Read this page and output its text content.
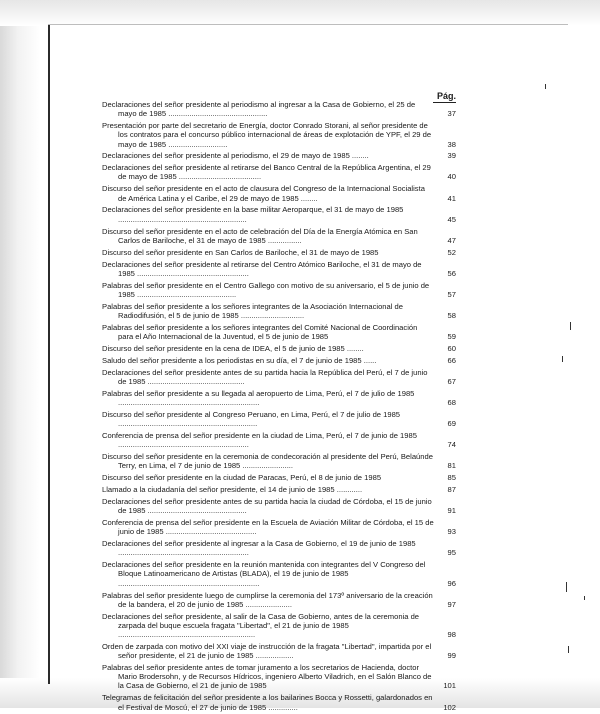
Pág.
Declaraciones del señor presidente al periodismo al ingresar a la Casa de Gobierno, el 25 de mayo de 1985 ...............................................	37
Presentación por parte del secretario de Energía, doctor Conrado Storani, al señor presidente de los contratos para el concurso público internacional de áreas de explotación de YPF, el 29 de mayo de 1985 ............................	38
Declaraciones del señor presidente al periodismo, el 29 de mayo de 1985 ........	39
Declaraciones del señor presidente al retirarse del Banco Central de la República Argentina, el 29 de mayo de 1985 .......................................	40
Discurso del señor presidente en el acto de clausura del Congreso de la Internacional Socialista de América Latina y el Caribe, el 29 de mayo de 1985 ........	41
Declaraciones del señor presidente en la base militar Aeroparque, el 31 de mayo de 1985 .............................................................	45
Discurso del señor presidente en el acto de celebración del Día de la Energía Atómica en San Carlos de Bariloche, el 31 de mayo de 1985 ................	47
Discurso del señor presidente en San Carlos de Bariloche, el 31 de mayo de 1985	52
Declaraciones del señor presidente al retirarse del Centro Atómico Bariloche, el 31 de mayo de 1985 .....................................................	56
Palabras del señor presidente en el Centro Gallego con motivo de su aniversario, el 5 de junio de 1985 ...............................................	57
Palabras del señor presidente a los señores integrantes de la Asociación Internacional de Radiodifusión, el 5 de junio de 1985 ..............................	58
Palabras del señor presidente a los señores integrantes del Comité Nacional de Coordinación para el Año Internacional de la Juventud, el 5 de junio de 1985	59
Discurso del señor presidente en la cena de IDEA, el 5 de junio de 1985 ........	60
Saludo del señor presidente a los periodistas en su día, el 7 de junio de 1985 ......	66
Declaraciones del señor presidente antes de su partida hacia la República del Perú, el 7 de junio de 1985 ..............................................	67
Palabras del señor presidente a su llegada al aeropuerto de Lima, Perú, el 7 de julio de 1985 ...................................................................	68
Discurso del señor presidente al Congreso Peruano, en Lima, Perú, el 7 de julio de 1985 ..................................................................	69
Conferencia de prensa del señor presidente en la ciudad de Lima, Perú, el 7 de junio de 1985 ..............................................................	74
Discurso del señor presidente en la ceremonia de condecoración al presidente del Perú, Belaúnde Terry, en Lima, el 7 de junio de 1985 ........................	81
Discurso del señor presidente en la ciudad de Paracas, Perú, el 8 de junio de 1985	85
Llamado a la ciudadanía del señor presidente, el 14 de junio de 1985 ............	87
Declaraciones del señor presidente antes de su partida hacia la ciudad de Córdoba, el 15 de junio de 1985 ...............................................	91
Conferencia de prensa del señor presidente en la Escuela de Aviación Militar de Córdoba, el 15 de junio de 1985 ...........................................	93
Declaraciones del señor presidente al ingresar a la Casa de Gobierno, el 19 de junio de 1985 ..............................................................	95
Declaraciones del señor presidente en la reunión mantenida con integrantes del V Congreso del Bloque Latinoamericano de Artistas (BLADA), el 19 de junio de 1985 ...................................................................	96
Palabras del señor presidente luego de cumplirse la ceremonia del 173º aniversario de la creación de la bandera, el 20 de junio de 1985 ......................	97
Declaraciones del señor presidente, al salir de la Casa de Gobierno, antes de la ceremonia de zarpada del buque escuela fragata "Libertad", el 21 de junio de 1985 .................................................................	98
Orden de zarpada con motivo del XXI viaje de instrucción de la fragata "Libertad", impartida por el señor presidente, el 21 de junio de 1985 ..................	99
Palabras del señor presidente antes de tomar juramento a los secretarios de Hacienda, doctor Mario Brodersohn, y de Recursos Hídricos, ingeniero Alberto Viladrich, en el Salón Blanco de la Casa de Gobierno, el 21 de junio de 1985	101
Telegramas de felicitación del señor presidente a los bailarines Bocca y Rossetti, galardonados en el Festival de Moscú, el 27 de junio de 1985 ..............	102
